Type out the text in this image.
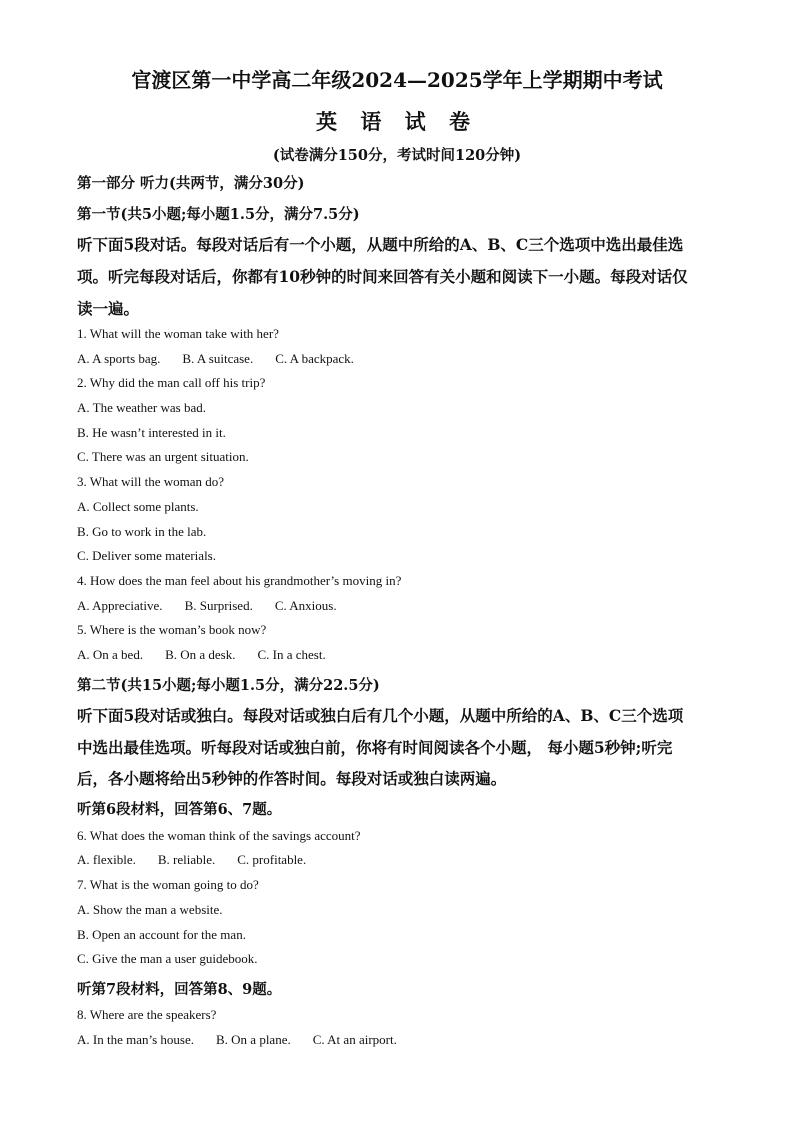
官渡区第一中学高二年级2024—2025学年上学期期中考试
英 语 试 卷
(试卷满分150分，考试时间120分钟)
第一部分 听力(共两节，满分30分)
第一节(共5小题;每小题1.5分，满分7.5分)
听下面5段对话。每段对话后有一个小题，从题中所给的A、B、C三个选项中选出最佳选
项。听完每段对话后，你都有10秒钟的时间来回答有关小题和阅读下一小题。每段对话仅
读一遍。
1. What will the woman take with her?
A. A sports bag. B. A suitcase. C. A backpack.
2. Why did the man call off his trip?
A. The weather was bad.
B. He wasn’t interested in it.
C. There was an urgent situation.
3. What will the woman do?
A. Collect some plants.
B. Go to work in the lab.
C. Deliver some materials.
4. How does the man feel about his grandmother’s moving in?
A. Appreciative. B. Surprised. C. Anxious.
5. Where is the woman’s book now?
A. On a bed. B. On a desk. C. In a chest.
第二节(共15小题;每小题1.5分，满分22.5分)
听下面5段对话或独白。每段对话或独白后有几个小题，从题中所给的A、B、C三个选项
中选出最佳选项。听每段对话或独白前，你将有时间阅读各个小题， 每小题5秒钟;听完
后，各小题将给出5秒钟的作答时间。每段对话或独白读两遍。
听第6段材料，回答第6、7题。
6. What does the woman think of the savings account?
A. flexible. B. reliable. C. profitable.
7. What is the woman going to do?
A. Show the man a website.
B. Open an account for the man.
C. Give the man a user guidebook.
听第7段材料，回答第8、9题。
8. Where are the speakers?
A. In the man’s house. B. On a plane. C. At an airport.
